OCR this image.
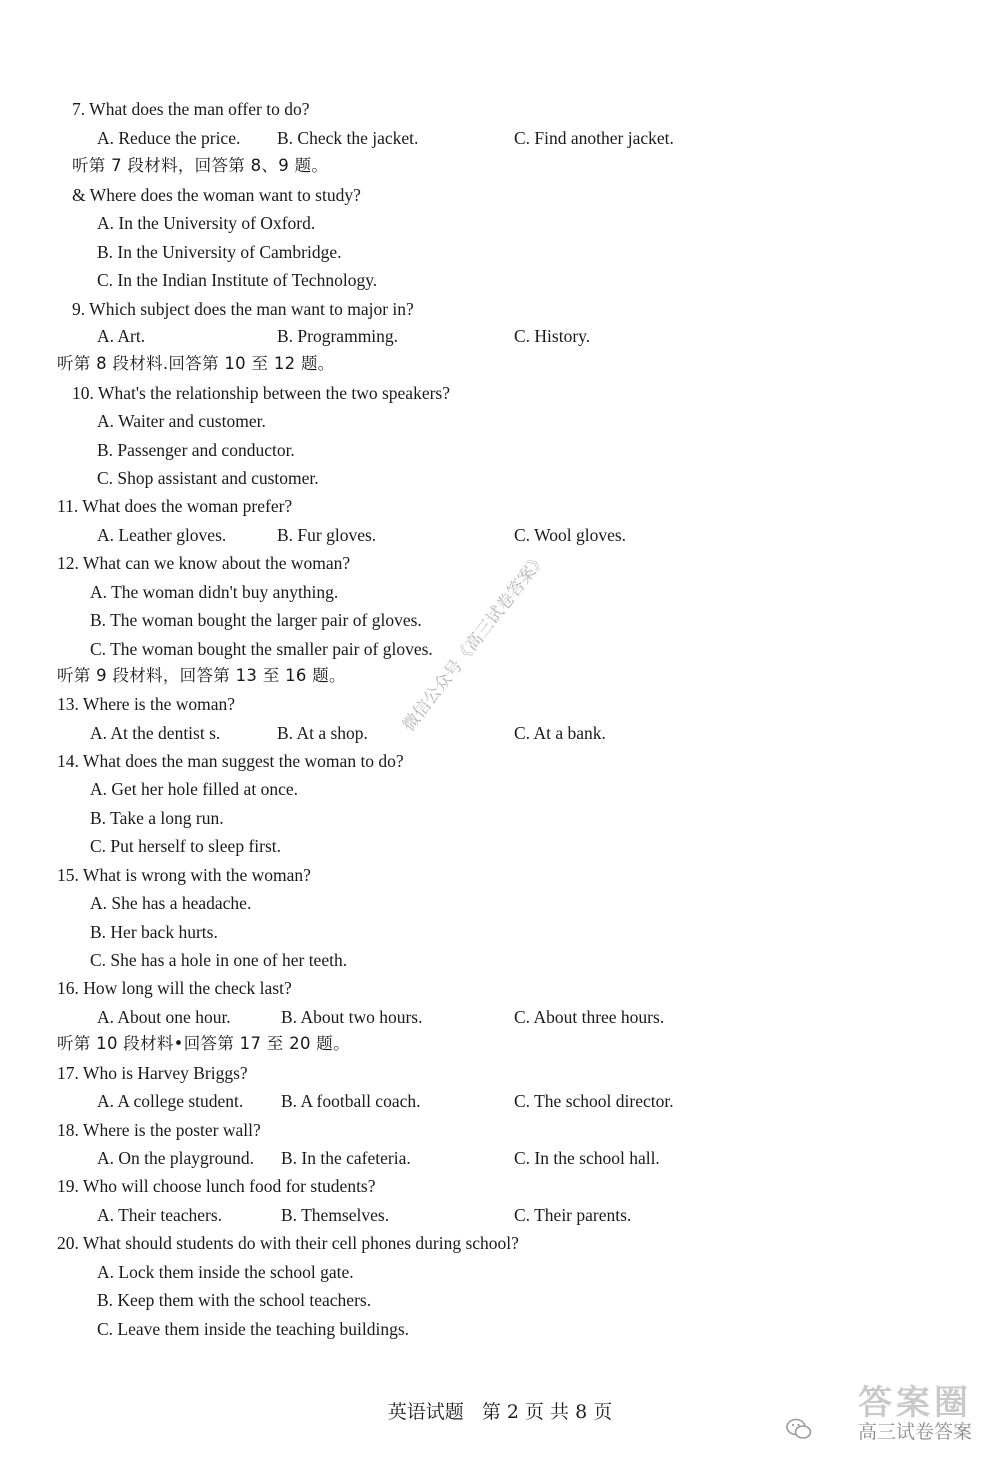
7. What does the man offer to do?
听第 7 段材料，回答第 8、9 题。
& Where does the woman want to study?
9. Which subject does the man want to major in?
听第 8 段材料.回答第 10 至 12 题。
10. What's the relationship between the two speakers?
11. What does the woman prefer?
12. What can we know about the woman?
听第 9 段材料，回答第 13 至 16 题。
13. Where is the woman?
14. What does the man suggest the woman to do?
15. What is wrong with the woman?
16. How long will the check last?
听第 10 段材料•回答第 17 至 20 题。
17. Who is Harvey Briggs?
18. Where is the poster wall?
19. Who will choose lunch food for students?
20. What should students do with their cell phones during school?
A. Reduce the price. B. Check the jacket.	C. Find another jacket.
A. In the University of Oxford.
B. In the University of Cambridge.
C. In the Indian Institute of Technology.
A. Art.	B. Programming.	C. History.
A. Waiter and customer.
B. Passenger and conductor.
C. Shop assistant and customer.
A. Leather gloves.	B. Fur gloves.	C. Wool gloves.
A. The woman didn't buy anything.
B. The woman bought the larger pair of gloves.
C. The woman bought the smaller pair of gloves.
A. At the dentist s.	B. At a shop.	C. At a bank.
A. Get her hole filled at once.
B. Take a long run.
C. Put herself to sleep first.
A. She has a headache.
B. Her back hurts.
C. She has a hole in one of her teeth.
A. About one hour.	B. About two hours.	C. About three hours.
A. A college student. B. A football coach.	C. The school director.
A. On the playground. B. In the cafeteria.	C. In the school hall.
A. Their teachers.	B. Themselves.	C. Their parents.
A. Lock them inside the school gate.
B. Keep them with the school teachers.
C. Leave them inside the teaching buildings.
微信公众号《高三试卷答案》
英语试题 第 2 页 共 8 页	答案圈
高三试卷答案
